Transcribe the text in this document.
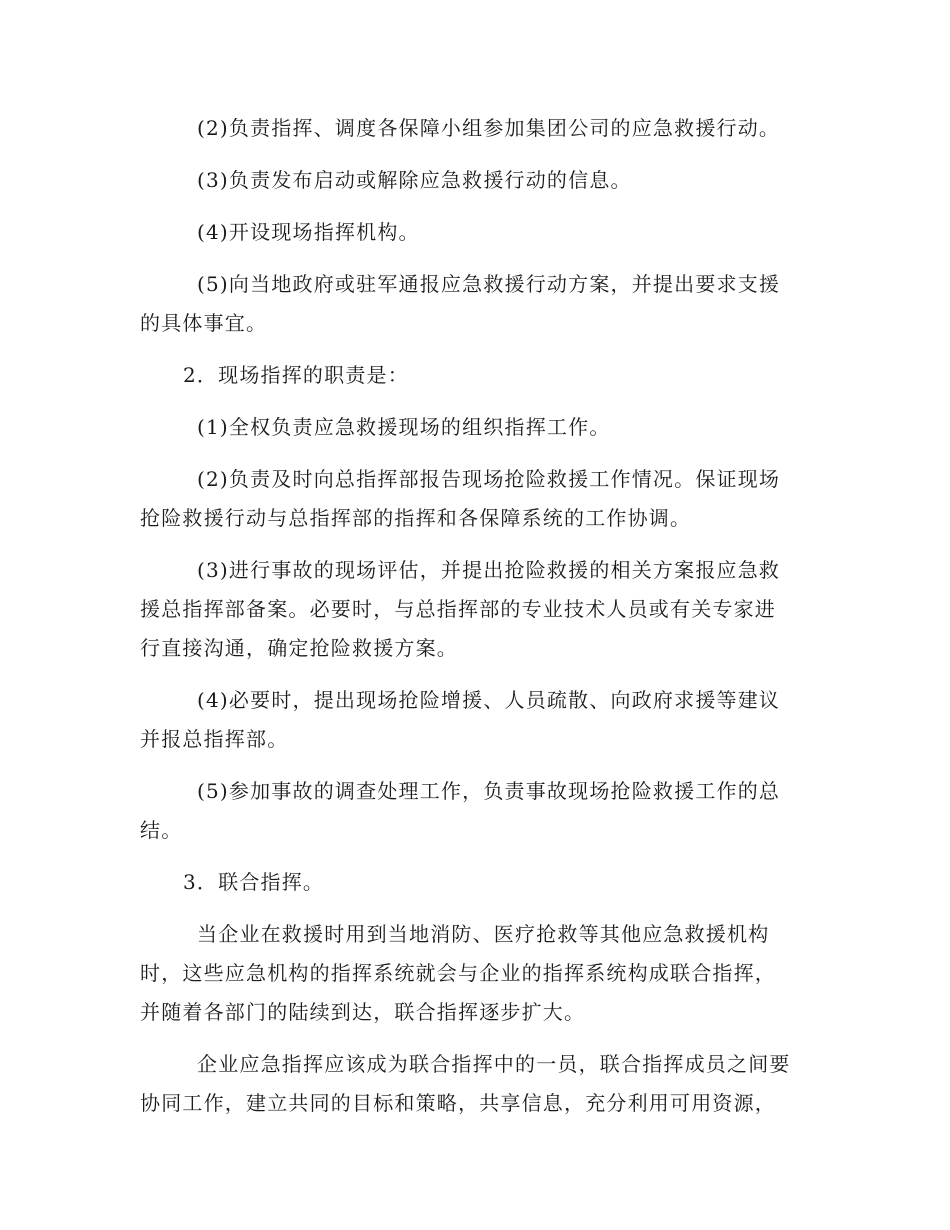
(2)负责指挥、调度各保障小组参加集团公司的应急救援行动。

(3)负责发布启动或解除应急救援行动的信息。

(4)开设现场指挥机构。

(5)向当地政府或驻军通报应急救援行动方案，并提出要求支援

的具体事宜。

2．现场指挥的职责是：

(1)全权负责应急救援现场的组织指挥工作。

(2)负责及时向总指挥部报告现场抢险救援工作情况。保证现场

抢险救援行动与总指挥部的指挥和各保障系统的工作协调。

(3)进行事故的现场评估，并提出抢险救援的相关方案报应急救

援总指挥部备案。必要时，与总指挥部的专业技术人员或有关专家进

行直接沟通，确定抢险救援方案。

(4)必要时，提出现场抢险增援、人员疏散、向政府求援等建议

并报总指挥部。

(5)参加事故的调查处理工作，负责事故现场抢险救援工作的总

结。

3．联合指挥。

当企业在救援时用到当地消防、医疗抢救等其他应急救援机构

时，这些应急机构的指挥系统就会与企业的指挥系统构成联合指挥，

并随着各部门的陆续到达，联合指挥逐步扩大。

企业应急指挥应该成为联合指挥中的一员，联合指挥成员之间要

协同工作，建立共同的目标和策略，共享信息，充分利用可用资源，
